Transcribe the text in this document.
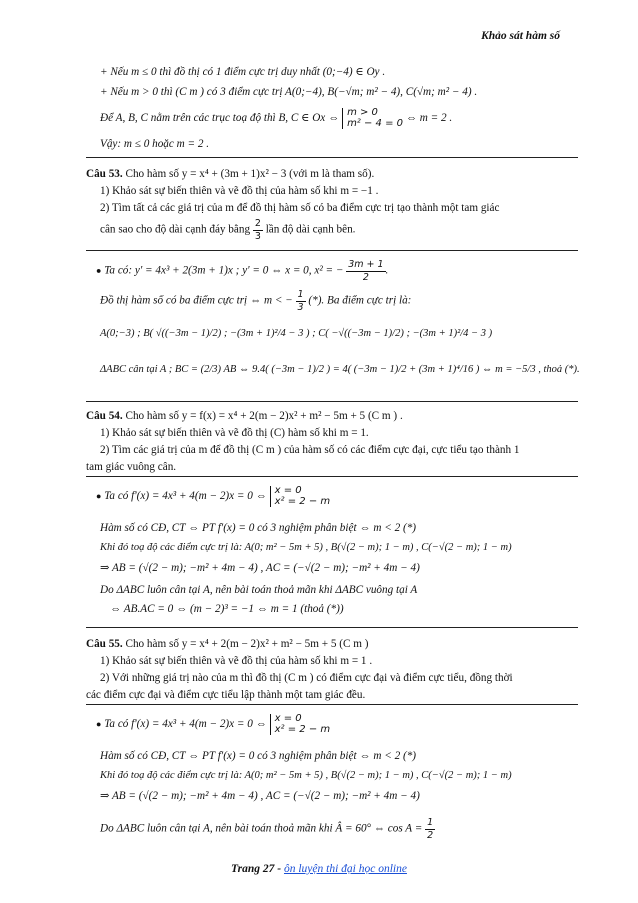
Khảo sát hàm số
+ Nếu m ≤ 0 thì đồ thị có 1 điểm cực trị duy nhất (0;−4) ∈ Oy .
+ Nếu m > 0 thì (C m ) có 3 điểm cực trị A(0;−4), B(−√m; m² − 4), C(√m; m² − 4) .
Để A, B, C nằm trên các trục toạ độ thì B, C ∈ Ox ⇔ m > 0
m² − 4 = 0 ⇔ m = 2 .
Vậy: m ≤ 0 hoặc m = 2 .
Câu 53. Cho hàm số y = x⁴ + (3m + 1)x² − 3 (với m là tham số).
1) Khảo sát sự biến thiên và vẽ đồ thị của hàm số khi m = −1 .
2) Tìm tất cả các giá trị của m để đồ thị hàm số có ba điểm cực trị tạo thành một tam giác
cân sao cho độ dài cạnh đáy bằng $\frac{2}{3}$ lần độ dài cạnh bên.
● Ta có: y' = 4x³ + 2(3m + 1)x ; y' = 0 ⇔ x = 0, x² = − $\frac{3m + 1}{2}$ .
Đồ thị hàm số có ba điểm cực trị ⇔ m < − $\frac{1}{3}$ (*). Ba điểm cực trị là:
A(0;−3) ; B( √((−3m − 1)/2) ; −(3m + 1)²/4 − 3 ) ; C( −√((−3m − 1)/2) ; −(3m + 1)²/4 − 3 )
ΔABC cân tại A ; BC = (2/3) AB ⇔ 9.4( (−3m − 1)/2 ) = 4( (−3m − 1)/2 + (3m + 1)⁴/16 ) ⇔ m = −5/3 , thoả (*).
Câu 54. Cho hàm số y = f(x) = x⁴ + 2(m − 2)x² + m² − 5m + 5 (C m ) .
1) Khảo sát sự biến thiên và vẽ đồ thị (C) hàm số khi m = 1.
2) Tìm các giá trị của m để đồ thị (C m ) của hàm số có các điểm cực đại, cực tiểu tạo thành 1
tam giác vuông cân.
● Ta có f'(x) = 4x³ + 4(m − 2)x = 0 ⇔ x = 0
x² = 2 − m
Hàm số có CĐ, CT ⇔ PT f'(x) = 0 có 3 nghiệm phân biệt ⇔ m < 2 (*)
Khi đó toạ độ các điểm cực trị là: A(0; m² − 5m + 5) , B(√(2 − m); 1 − m) , C(−√(2 − m); 1 − m)
⇒ AB = (√(2 − m); −m² + 4m − 4) , AC = (−√(2 − m); −m² + 4m − 4)
Do ΔABC luôn cân tại A, nên bài toán thoả mãn khi ΔABC vuông tại A
⇔ AB.AC = 0 ⇔ (m − 2)³ = −1 ⇔ m = 1 (thoả (*))
Câu 55. Cho hàm số y = x⁴ + 2(m − 2)x² + m² − 5m + 5 (C m )
1) Khảo sát sự biến thiên và vẽ đồ thị của hàm số khi m = 1 .
2) Với những giá trị nào của m thì đồ thị (C m ) có điểm cực đại và điểm cực tiểu, đồng thời
các điểm cực đại và điểm cực tiểu lập thành một tam giác đều.
● Ta có f'(x) = 4x³ + 4(m − 2)x = 0 ⇔ x = 0
x² = 2 − m
Hàm số có CĐ, CT ⇔ PT f'(x) = 0 có 3 nghiệm phân biệt ⇔ m < 2 (*)
Khi đó toạ độ các điểm cực trị là: A(0; m² − 5m + 5) , B(√(2 − m); 1 − m) , C(−√(2 − m); 1 − m)
⇒ AB = (√(2 − m); −m² + 4m − 4) , AC = (−√(2 − m); −m² + 4m − 4)
Do ΔABC luôn cân tại A, nên bài toán thoả mãn khi Â = 60° ⇔ $\cos A = \frac{1}{2}$
Trang 27 - ôn luyện thi đại học online
